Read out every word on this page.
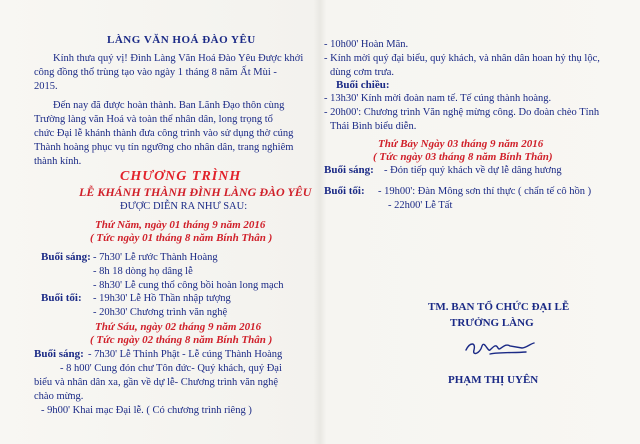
LÀNG VĂN HOÁ ĐÀO YÊU
Kính thưa quý vị! Đình Làng Văn Hoá Đào Yêu Được khởi
công đồng thổ trùng tạo vào ngày 1 tháng 8 năm Ất Mùi -
2015.
Đến nay đã được hoàn thành. Ban Lãnh Đạo thôn cùng
Trường làng văn Hoá và toàn thể nhân dân, long trọng tổ
chức Đại lễ khánh thành đưa công trình vào sử dụng thờ cúng
Thành hoàng phục vụ tín ngưỡng cho nhân dân, trang nghiêm
thành kính.
CHƯƠNG TRÌNH
LỄ KHÁNH THÀNH ĐÌNH LÀNG ĐÀO YÊU
ĐƯỢC DIỄN RA NHƯ SAU:
Thứ Năm, ngày 01 tháng 9 năm 2016
( Tức ngày 01 tháng 8 năm Bính Thân )
Buổi sáng: - 7h30' Lễ rước Thành Hoàng
- 8h 18 dòng họ dâng lễ
- 8h30' Lễ cung thổ công bồi hoàn long mạch
Buổi tối: - 19h30' Lễ Hồ Thần nhập tượng
- 20h30' Chương trình văn nghệ
Thứ Sáu, ngày 02 tháng 9 năm 2016
( Tức ngày 02 tháng 8 năm Bính Thân )
Buổi sáng: - 7h30' Lễ Thỉnh Phật - Lễ cúng Thành Hoàng
- 8 h00' Cung đón chư Tôn đức- Quý khách, quý Đại
biểu và nhân dân xa, gần về dự lễ- Chương trình văn nghệ
chào mừng.
- 9h00' Khai mạc Đại lễ. ( Có chương trình riêng )
- 10h00' Hoàn Mãn.
- Kính mời quý đại biểu, quý khách, và nhân dân hoan hỷ thụ lộc,
dùng cơm trưa.
Buổi chiều:
- 13h30' Kính mời đoàn nam tế. Tế cúng thành hoàng.
- 20h00': Chương trình Văn nghệ mừng công. Do đoàn chèo Tỉnh
Thái Bình biểu diễn.
Thứ Bảy Ngày 03 tháng 9 năm 2016
( Tức ngày 03 tháng 8 năm Bính Thân)
Buổi sáng: - Đón tiếp quý khách về dự lễ dâng hương
Buổi tối: - 19h00': Đàn Mông sơn thí thực ( chẩn tế cô hồn )
- 22h00' Lễ Tất
TM. BAN TỔ CHỨC ĐẠI LỄ
TRƯỞNG LÀNG
PHẠM THỊ UYÊN
